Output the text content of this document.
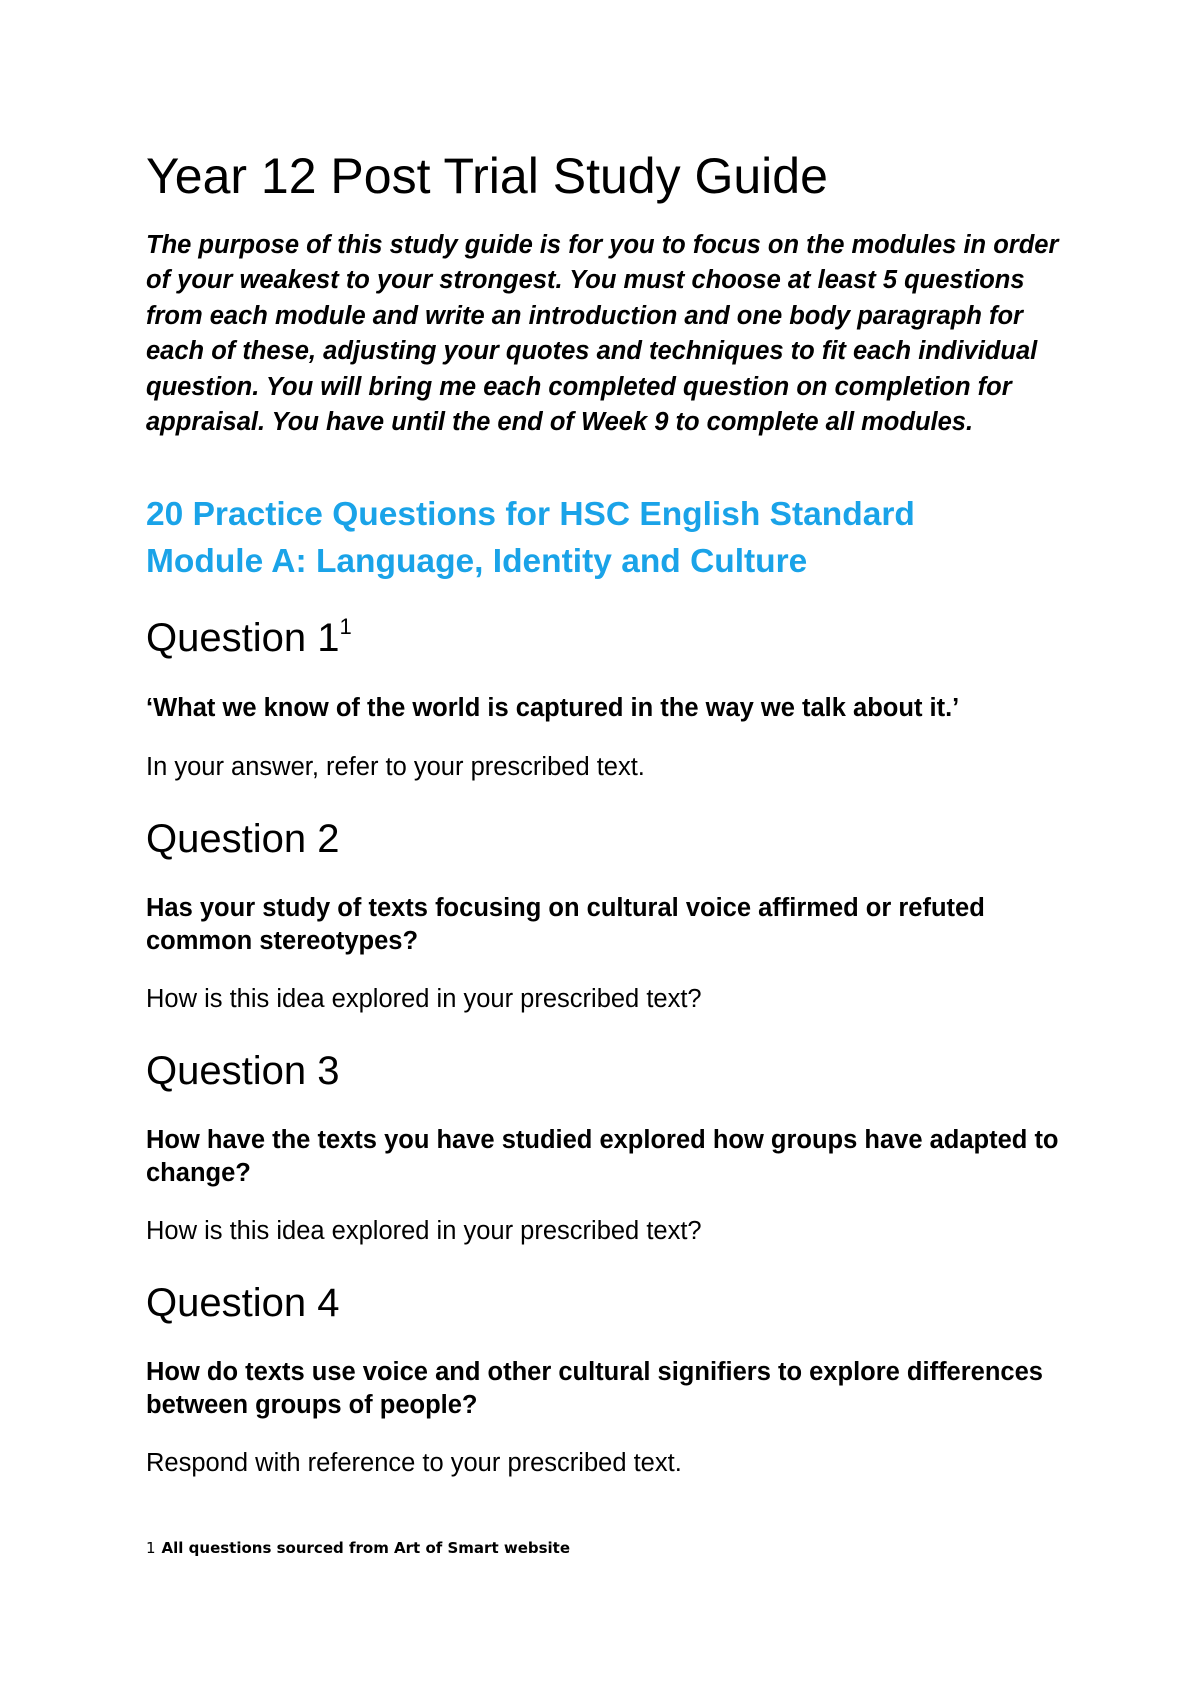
Year 12 Post Trial Study Guide

The purpose of this study guide is for you to focus on the modules in order of your weakest to your strongest. You must choose at least 5 questions from each module and write an introduction and one body paragraph for each of these, adjusting your quotes and techniques to fit each individual question. You will bring me each completed question on completion for appraisal. You have until the end of Week 9 to complete all modules.

20 Practice Questions for HSC English Standard
Module A: Language, Identity and Culture
Question $1^1$

‘What we know of the world is captured in the way we talk about it.’

In your answer, refer to your prescribed text.

Question 2

Has your study of texts focusing on cultural voice affirmed or refuted common stereotypes?

How is this idea explored in your prescribed text?

Question 3

How have the texts you have studied explored how groups have adapted to change?

How is this idea explored in your prescribed text?

Question 4

How do texts use voice and other cultural signifiers to explore differences between groups of people?

Respond with reference to your prescribed text.

1 All questions sourced from Art of Smart website
